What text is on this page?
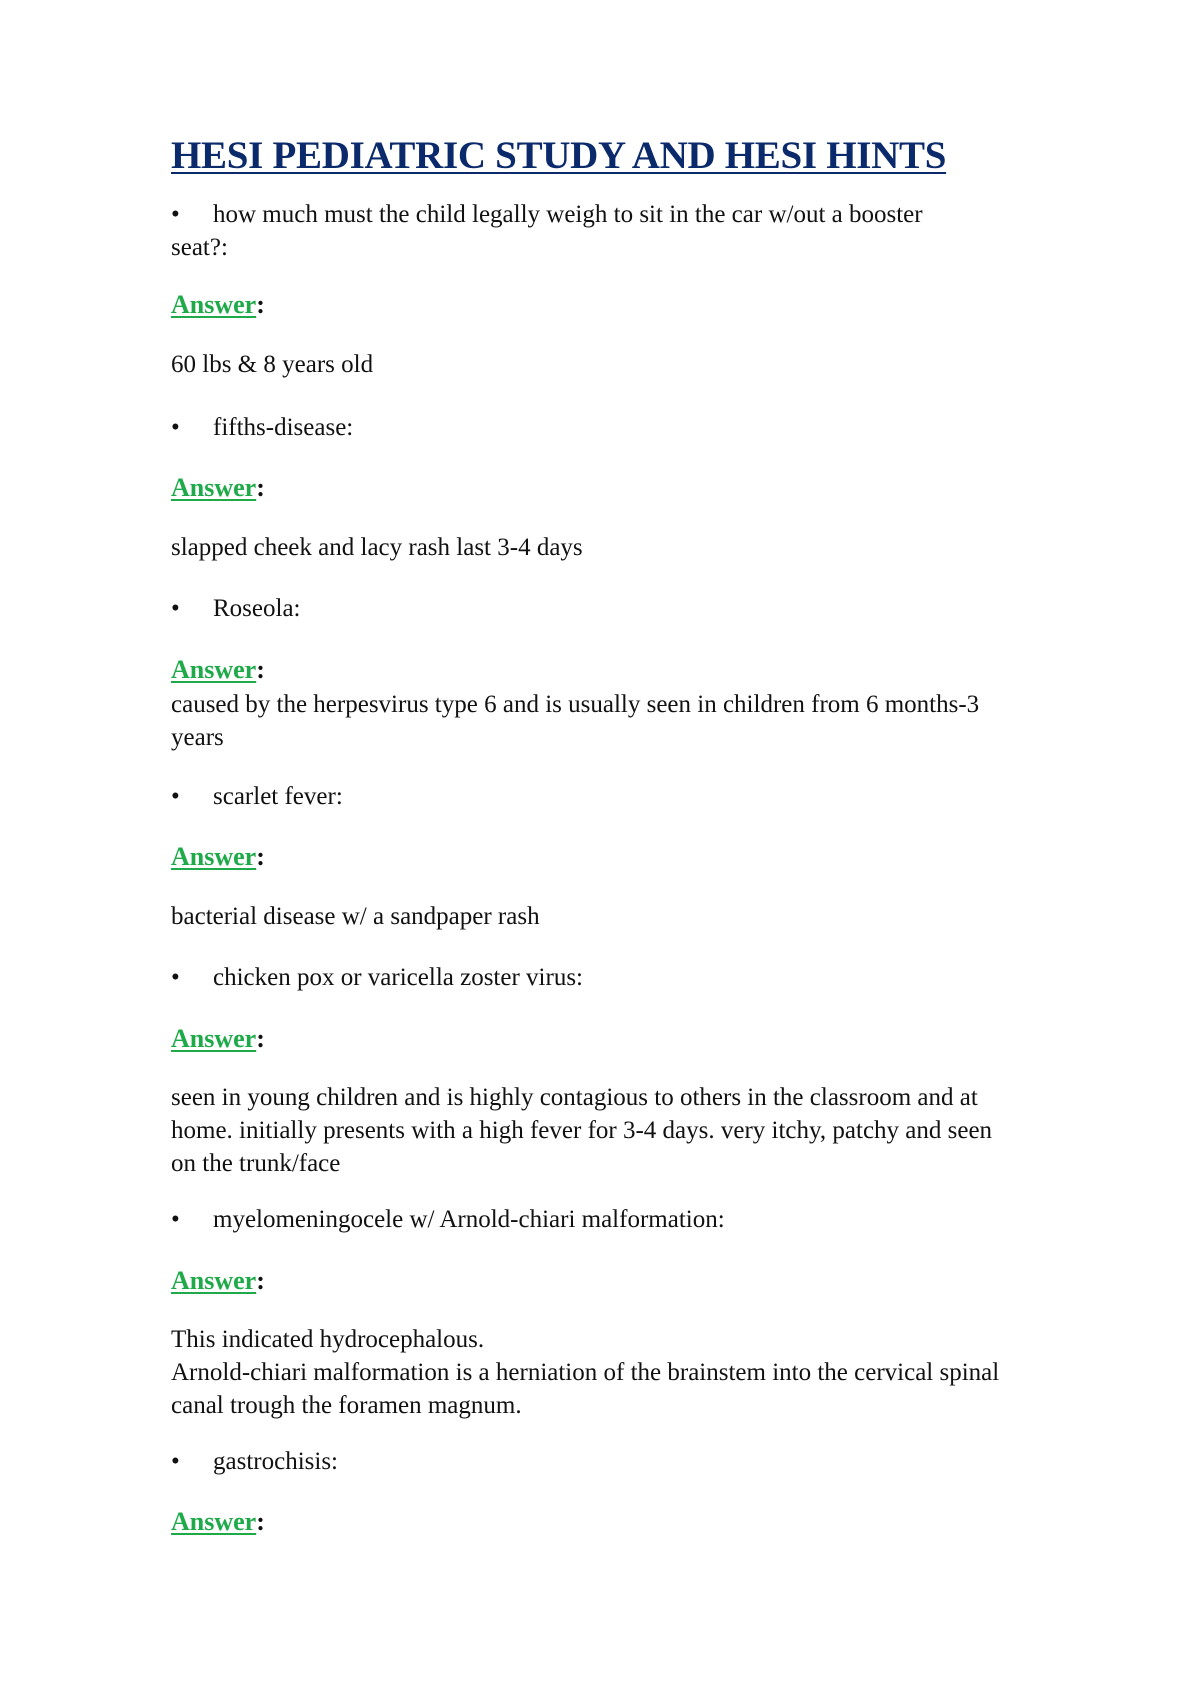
HESI PEDIATRIC STUDY AND HESI HINTS
•	how much must the child legally weigh to sit in the car w/out a booster
seat?:
Answer:
60 lbs & 8 years old
•	fifths-disease:
Answer:
slapped cheek and lacy rash last 3-4 days
•	Roseola:
Answer:
caused by the herpesvirus type 6 and is usually seen in children from 6 months-3
years
•	scarlet fever:
Answer:
bacterial disease w/ a sandpaper rash
•	chicken pox or varicella zoster virus:
Answer:
seen in young children and is highly contagious to others in the classroom and at
home. initially presents with a high fever for 3-4 days. very itchy, patchy and seen
on the trunk/face
•	myelomeningocele w/ Arnold-chiari malformation:
Answer:
This indicated hydrocephalous.
Arnold-chiari malformation is a herniation of the brainstem into the cervical spinal
canal trough the foramen magnum.
•	gastrochisis:
Answer:
